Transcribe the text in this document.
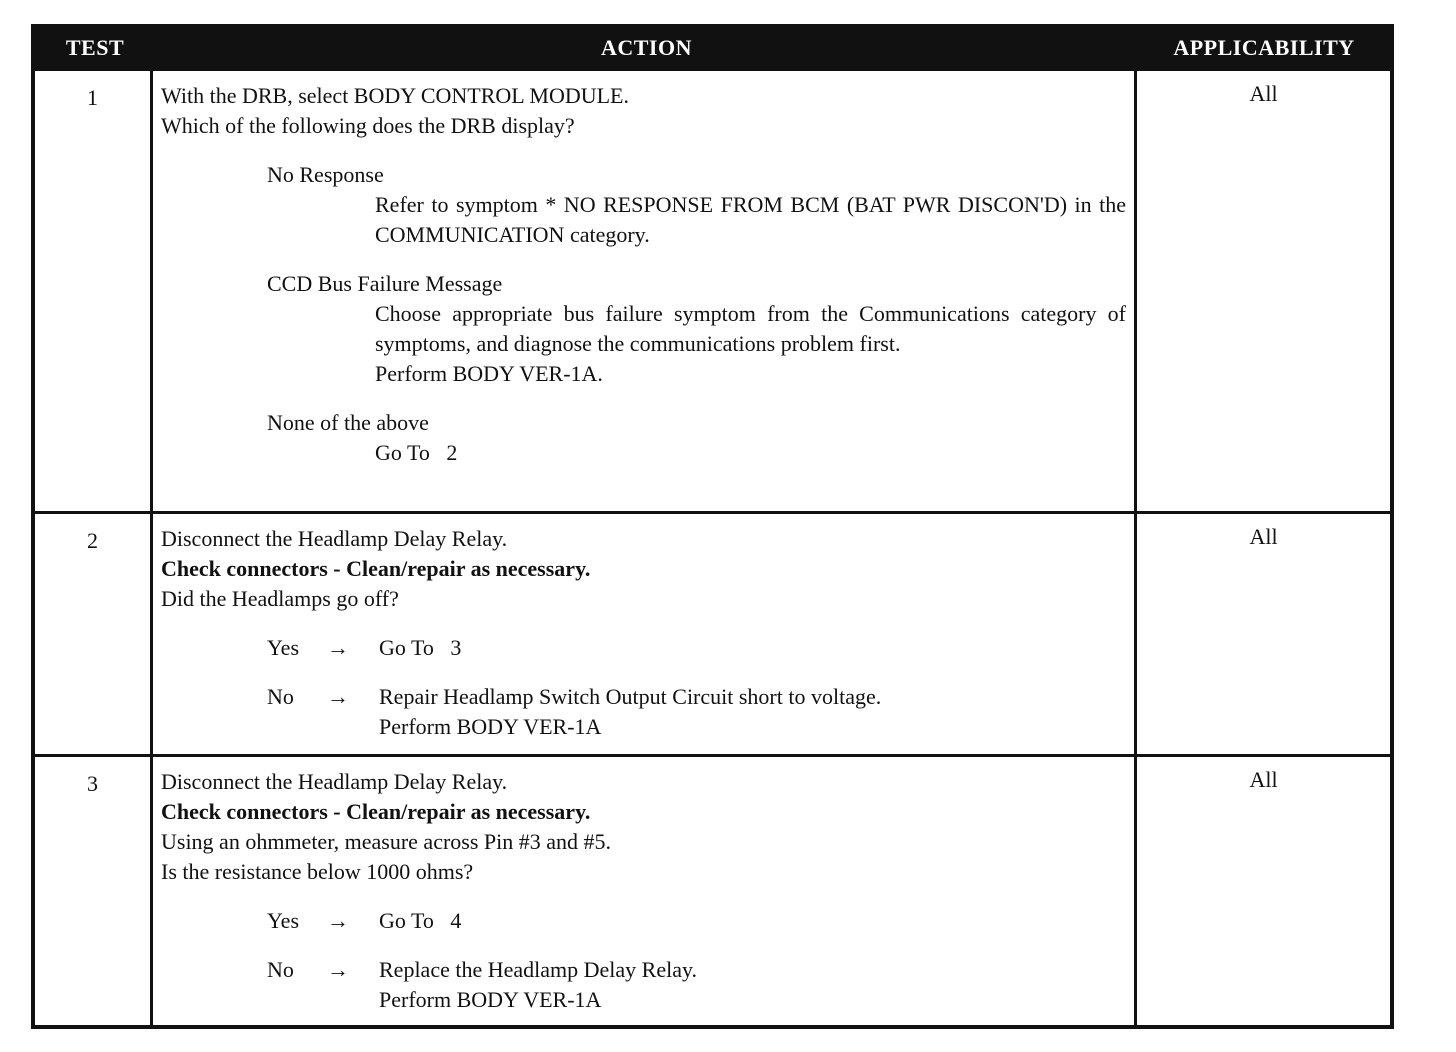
TEST	ACTION	APPLICABILITY
1	With the DRB, select BODY CONTROL MODULE.
Which of the following does the DRB display?
No Response
Refer to symptom * NO RESPONSE FROM BCM (BAT PWR DISCON'D) in the COMMUNICATION category.
CCD Bus Failure Message
Choose appropriate bus failure symptom from the Communications category of symptoms, and diagnose the communications problem first.
Perform BODY VER-1A.
None of the above
Go To   2
All
2	Disconnect the Headlamp Delay Relay.
Check connectors - Clean/repair as necessary.
Did the Headlamps go off?
Yes	→	Go To   3
No	→	Repair Headlamp Switch Output Circuit short to voltage.
Perform BODY VER-1A
All
3	Disconnect the Headlamp Delay Relay.
Check connectors - Clean/repair as necessary.
Using an ohmmeter, measure across Pin #3 and #5.
Is the resistance below 1000 ohms?
Yes	→	Go To   4
No	→	Replace the Headlamp Delay Relay.
Perform BODY VER-1A
All
